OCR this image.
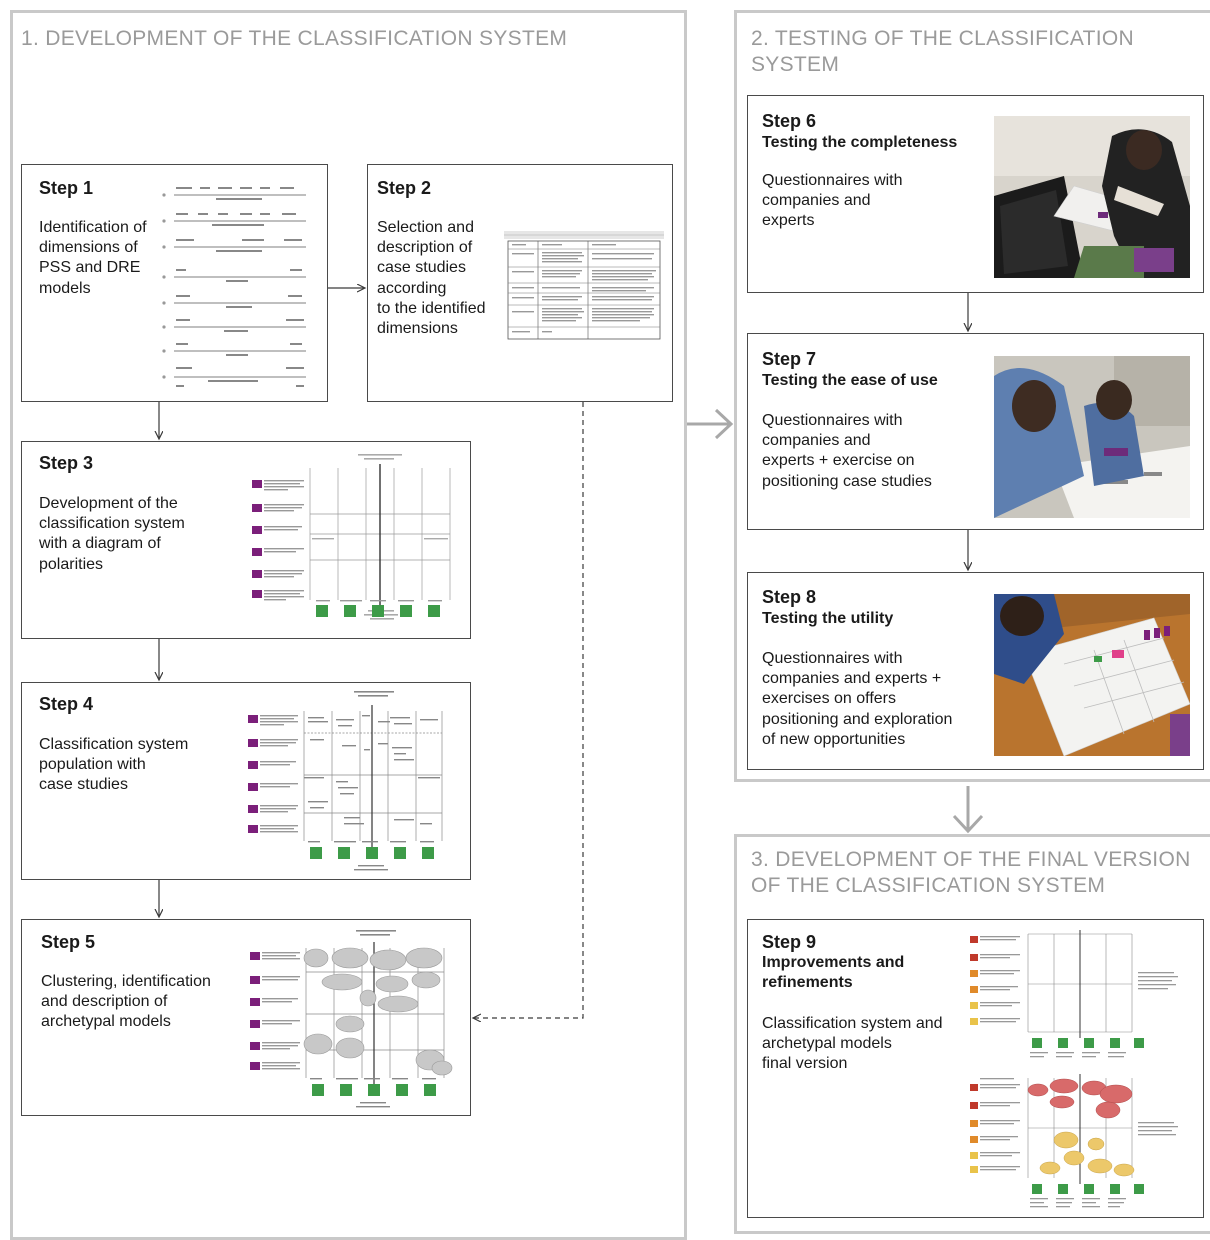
1. DEVELOPMENT OF THE CLASSIFICATION SYSTEM
Step 1
Identification of
dimensions of
PSS and DRE
models
Step 2
Selection and
description of
case studies
according
to the identified
dimensions
Step 3
Development of the
classification system
with a diagram of
polarities
Step 4
Classification system
population with
case studies
Step 5
Clustering, identification
and description of
archetypal models
2. TESTING OF THE CLASSIFICATION
SYSTEM
Step 6
Testing the completeness
Questionnaires with
companies and
experts
Step 7
Testing the ease of use
Questionnaires with
companies and
experts + exercise on
positioning case studies
Step 8
Testing the utility
Questionnaires with
companies and experts +
exercises on offers
positioning and exploration
of new opportunities
3. DEVELOPMENT OF THE FINAL VERSION
OF THE CLASSIFICATION SYSTEM
Step 9
Improvements and
refinements
Classification system and
archetypal models
final version
